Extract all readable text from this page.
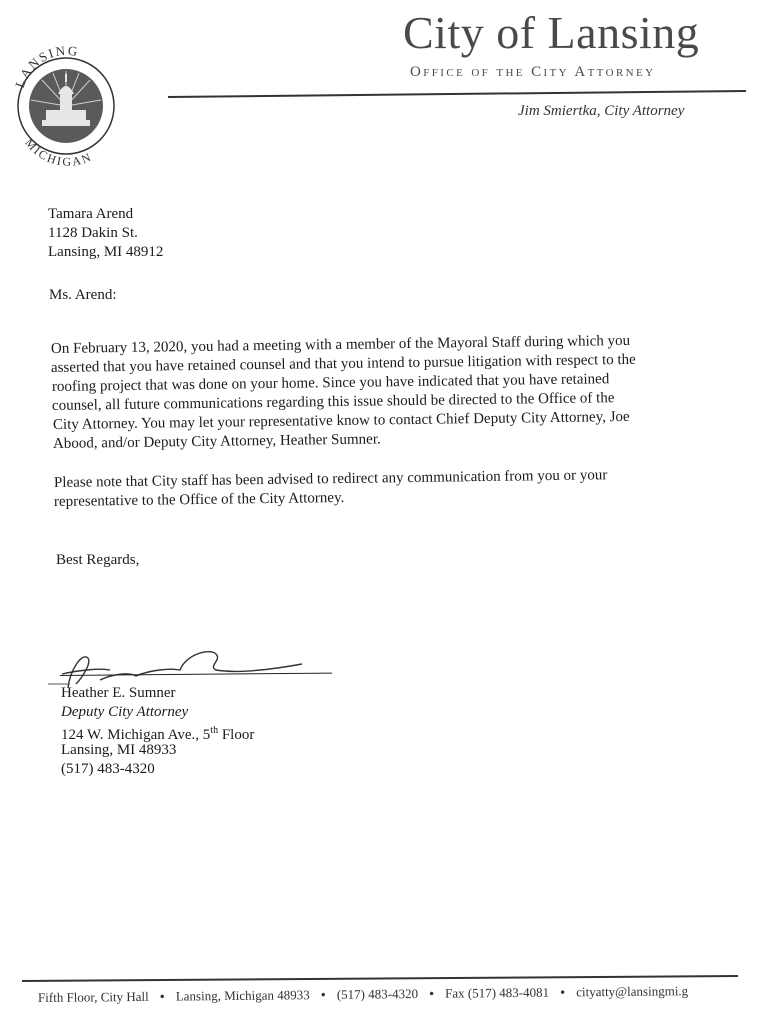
LANSING
MICHIGAN
City of Lansing
Office of the City Attorney
Jim Smiertka, City Attorney
Tamara Arend
1128 Dakin St.
Lansing, MI 48912
Ms. Arend:
On February 13, 2020, you had a meeting with a member of the Mayoral Staff during which you
asserted that you have retained counsel and that you intend to pursue litigation with respect to the
roofing project that was done on your home. Since you have indicated that you have retained
counsel, all future communications regarding this issue should be directed to the Office of the
City Attorney. You may let your representative know to contact Chief Deputy City Attorney, Joe
Abood, and/or Deputy City Attorney, Heather Sumner.
Please note that City staff has been advised to redirect any communication from you or your
representative to the Office of the City Attorney.
Best Regards,
Heather E. Sumner
Deputy City Attorney
124 W. Michigan Ave., 5th Floor
Lansing, MI 48933
(517) 483-4320
Fifth Floor, City Hall • Lansing, Michigan 48933 • (517) 483-4320 • Fax (517) 483-4081 • cityatty@lansingmi.g
